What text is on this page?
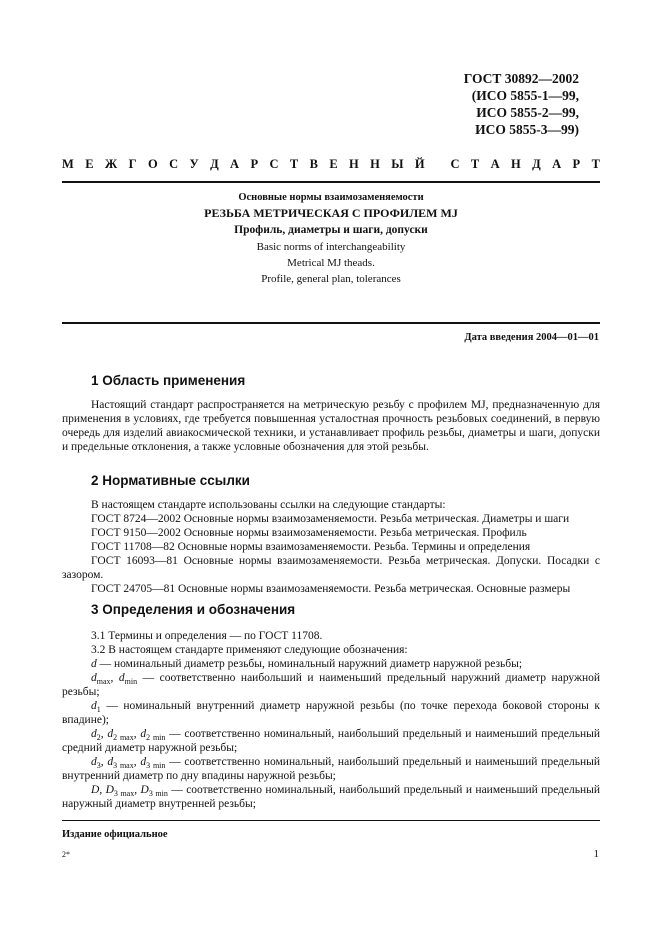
ГОСТ 30892—2002
(ИСО 5855-1—99,
ИСО 5855-2—99,
ИСО 5855-3—99)
М Е Ж Г О С У Д А Р С Т В Е Н Н Ы Й
С Т А Н Д А Р Т
Основные нормы взаимозаменяемости
РЕЗЬБА МЕТРИЧЕСКАЯ С ПРОФИЛЕМ MJ
Профиль, диаметры и шаги, допуски
Basic norms of interchangeability
Metrical MJ theads.
Profile, general plan, tolerances
Дата введения 2004—01—01
1 Область применения

Настоящий стандарт распространяется на метрическую резьбу с профилем MJ, предназначенную для применения в условиях, где требуется повышенная усталостная прочность резьбовых соединений, в первую очередь для изделий авиакосмической техники, и устанавливает профиль резьбы, диаметры и шаги, допуски и предельные отклонения, а также условные обозначения для этой резьбы.

2 Нормативные ссылки

В настоящем стандарте использованы ссылки на следующие стандарты:

ГОСТ 8724—2002 Основные нормы взаимозаменяемости. Резьба метрическая. Диаметры и шаги

ГОСТ 9150—2002 Основные нормы взаимозаменяемости. Резьба метрическая. Профиль

ГОСТ 11708—82 Основные нормы взаимозаменяемости. Резьба. Термины и определения

ГОСТ 16093—81 Основные нормы взаимозаменяемости. Резьба метрическая. Допуски. Посадки с зазором.

ГОСТ 24705—81 Основные нормы взаимозаменяемости. Резьба метрическая. Основные размеры

3 Определения и обозначения

3.1 Термины и определения — по ГОСТ 11708.

3.2 В настоящем стандарте применяют следующие обозначения:

d — номинальный диаметр резьбы, номинальный наружний диаметр наружной резьбы;

$d_{max}$, $d_{min}$ — соответственно наибольший и наименьший предельный наружний диаметр наружной резьбы;

$d_1$ — номинальный внутренний диаметр наружной резьбы (по точке перехода боковой стороны к впадине);

$d_2$, $d_{2 max}$, $d_{2 min}$ — соответственно номинальный, наибольший предельный и наименьший предельный средний диаметр наружной резьбы;

$d_3$, $d_{3 max}$, $d_{3 min}$ — соответственно номинальный, наибольший предельный и наименьший предельный внутренний диаметр по дну впадины наружной резьбы;

D, $D_{3 max}$, $D_{3 min}$ — соответственно номинальный, наибольший предельный и наименьший предельный наружный диаметр внутренней резьбы;

Издание официальное
2*	1
